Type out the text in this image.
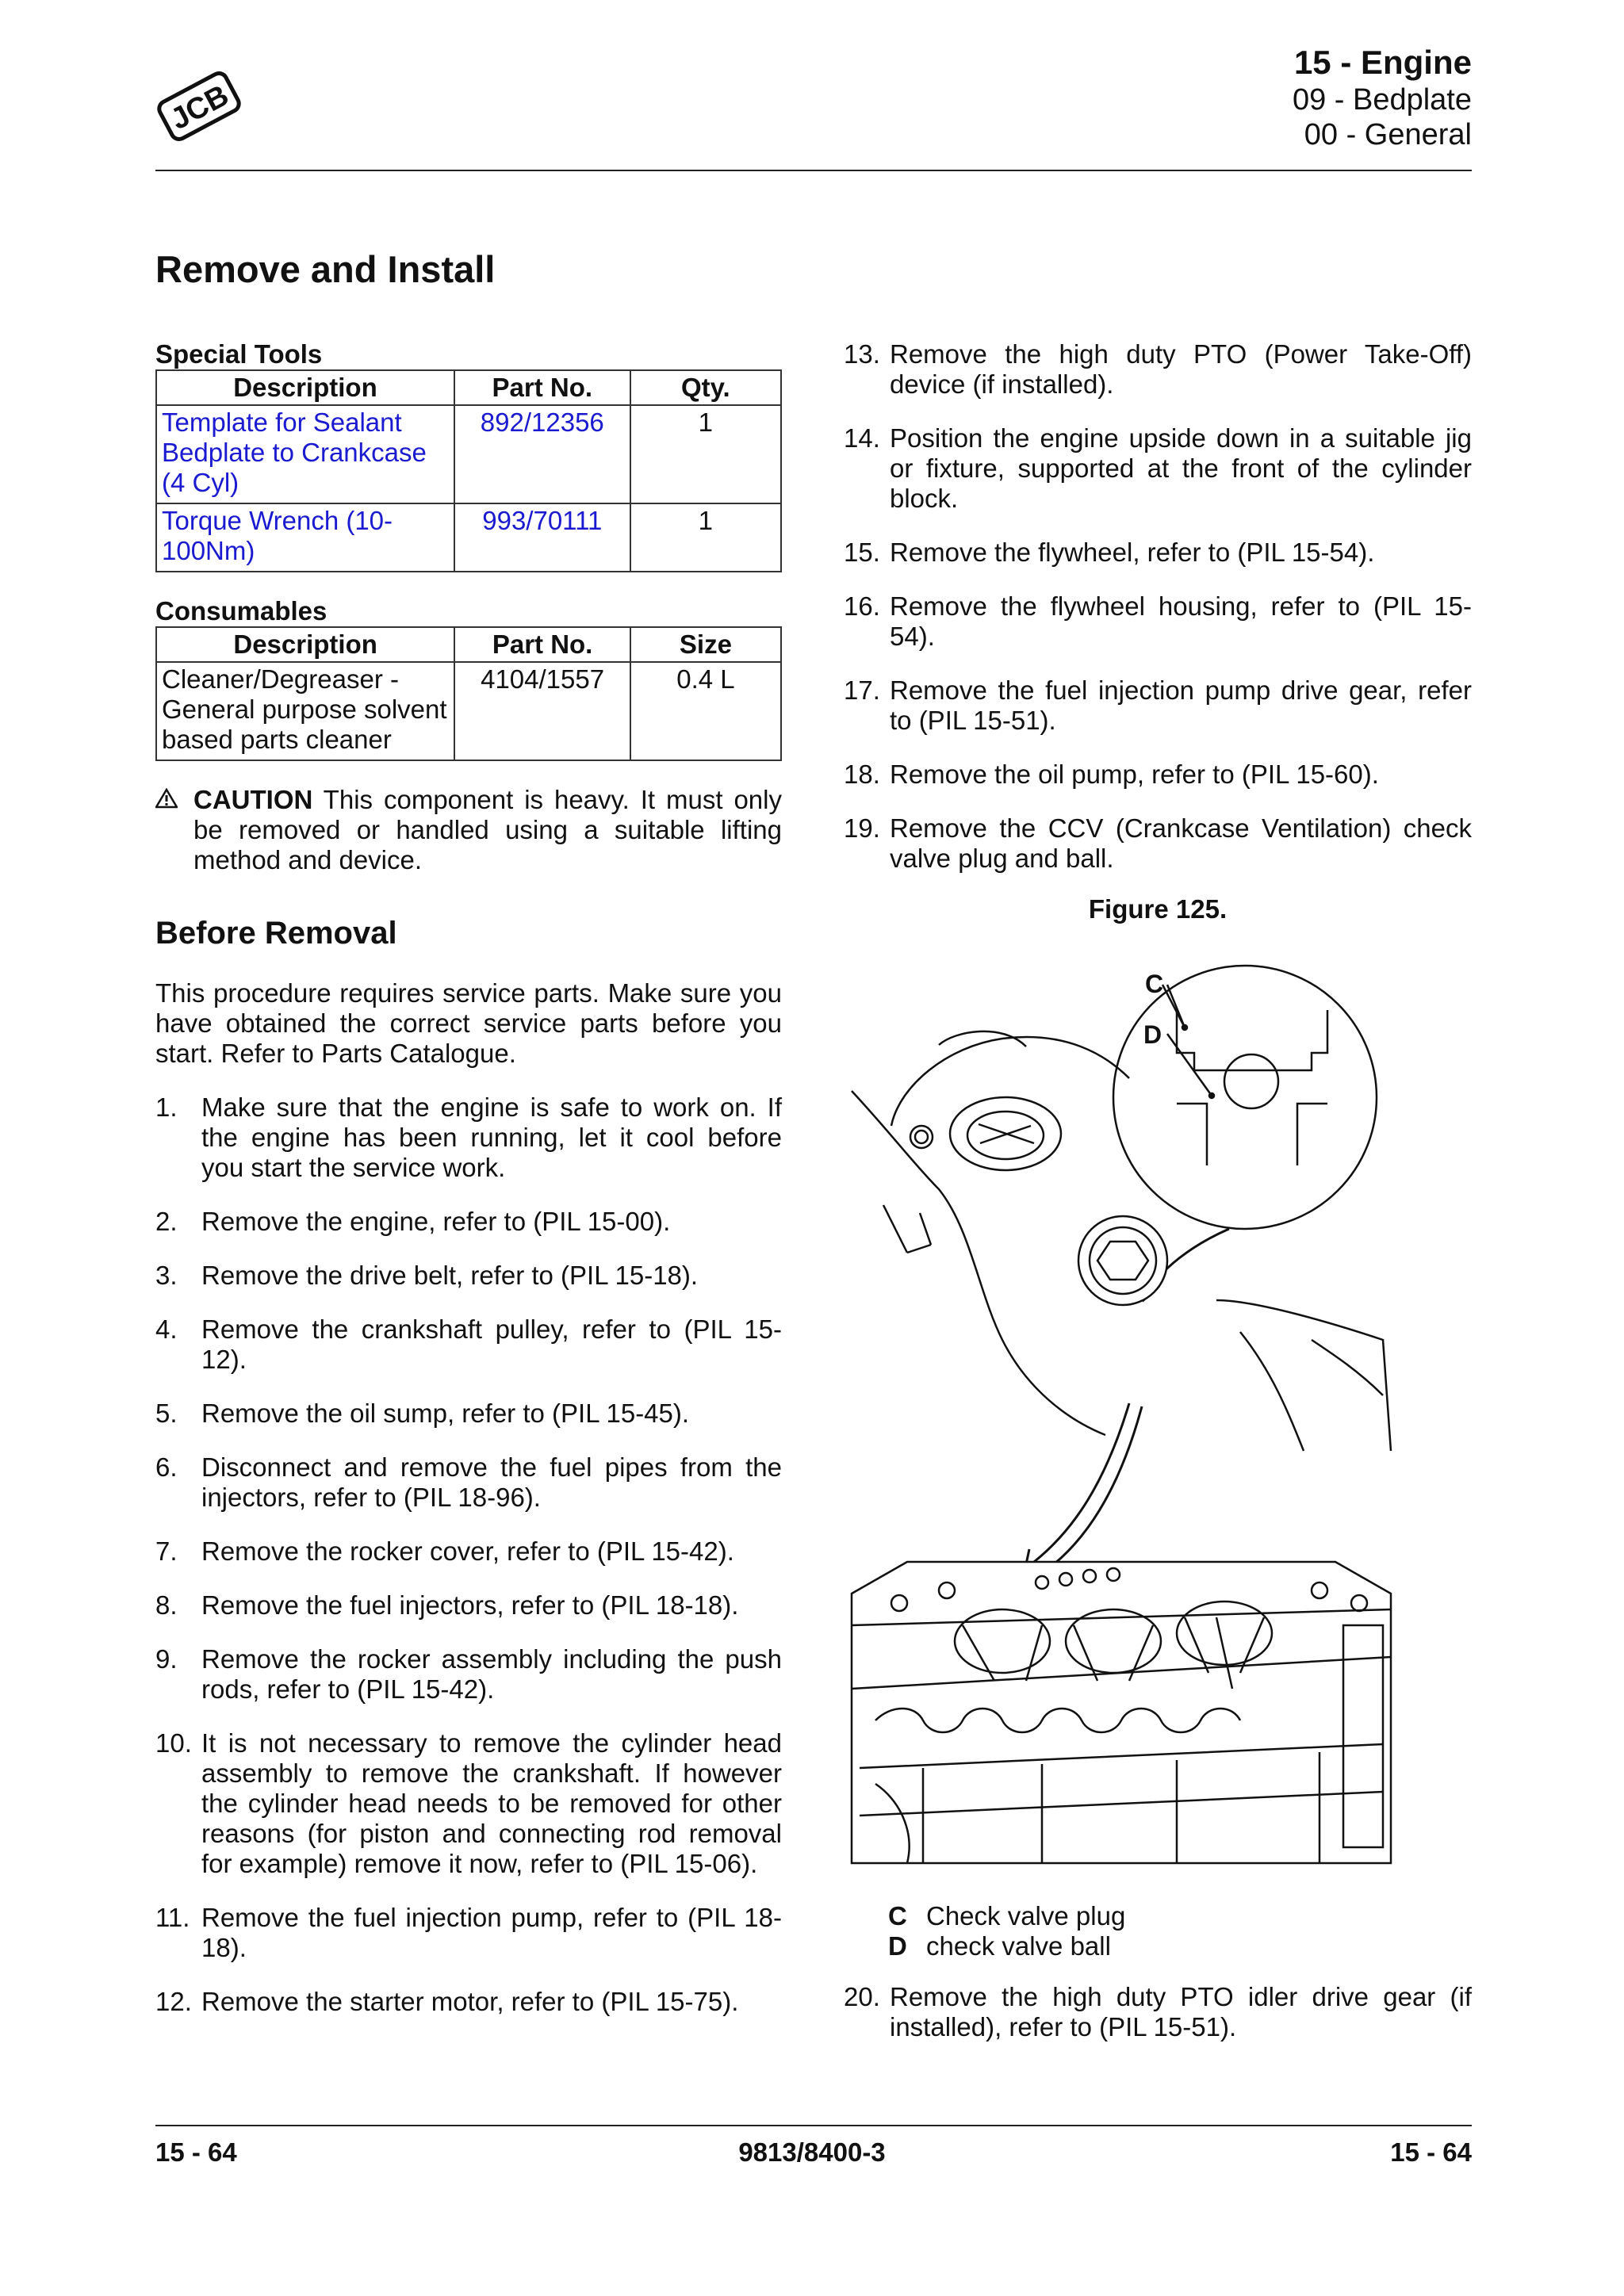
JCB
15 - Engine
09 - Bedplate
00 - General
Remove and Install
Special Tools
Description	Part No.	Qty.
Template for Sealant Bedplate to Crankcase (4 Cyl)	892/12356	1
Torque Wrench (10-100Nm)	993/70111	1
Consumables
Description	Part No.	Size
Cleaner/Degreaser - General purpose solvent based parts cleaner	4104/1557	0.4 L
CAUTION This component is heavy. It must only be removed or handled using a suitable lifting method and device.
Before Removal

This procedure requires service parts. Make sure you have obtained the correct service parts before you start. Refer to Parts Catalogue.

1. Make sure that the engine is safe to work on. If the engine has been running, let it cool before you start the service work.
2. Remove the engine, refer to (PIL 15-00).
3. Remove the drive belt, refer to (PIL 15-18).
4. Remove the crankshaft pulley, refer to (PIL 15-12).
5. Remove the oil sump, refer to (PIL 15-45).
6. Disconnect and remove the fuel pipes from the injectors, refer to (PIL 18-96).
7. Remove the rocker cover, refer to (PIL 15-42).
8. Remove the fuel injectors, refer to (PIL 18-18).
9. Remove the rocker assembly including the push rods, refer to (PIL 15-42).
10. It is not necessary to remove the cylinder head assembly to remove the crankshaft. If however the cylinder head needs to be removed for other reasons (for piston and connecting rod removal for example) remove it now, refer to (PIL 15-06).
11. Remove the fuel injection pump, refer to (PIL 18-18).
12. Remove the starter motor, refer to (PIL 15-75).
13. Remove the high duty PTO (Power Take-Off) device (if installed).
14. Position the engine upside down in a suitable jig or fixture, supported at the front of the cylinder block.
15. Remove the flywheel, refer to (PIL 15-54).
16. Remove the flywheel housing, refer to (PIL 15-54).
17. Remove the fuel injection pump drive gear, refer to (PIL 15-51).
18. Remove the oil pump, refer to (PIL 15-60).
19. Remove the CCV (Crankcase Ventilation) check valve plug and ball.
Figure 125.
C
D
C Check valve plug
D check valve ball
20. Remove the high duty PTO idler drive gear (if installed), refer to (PIL 15-51).
15 - 64	9813/8400-3	15 - 64
